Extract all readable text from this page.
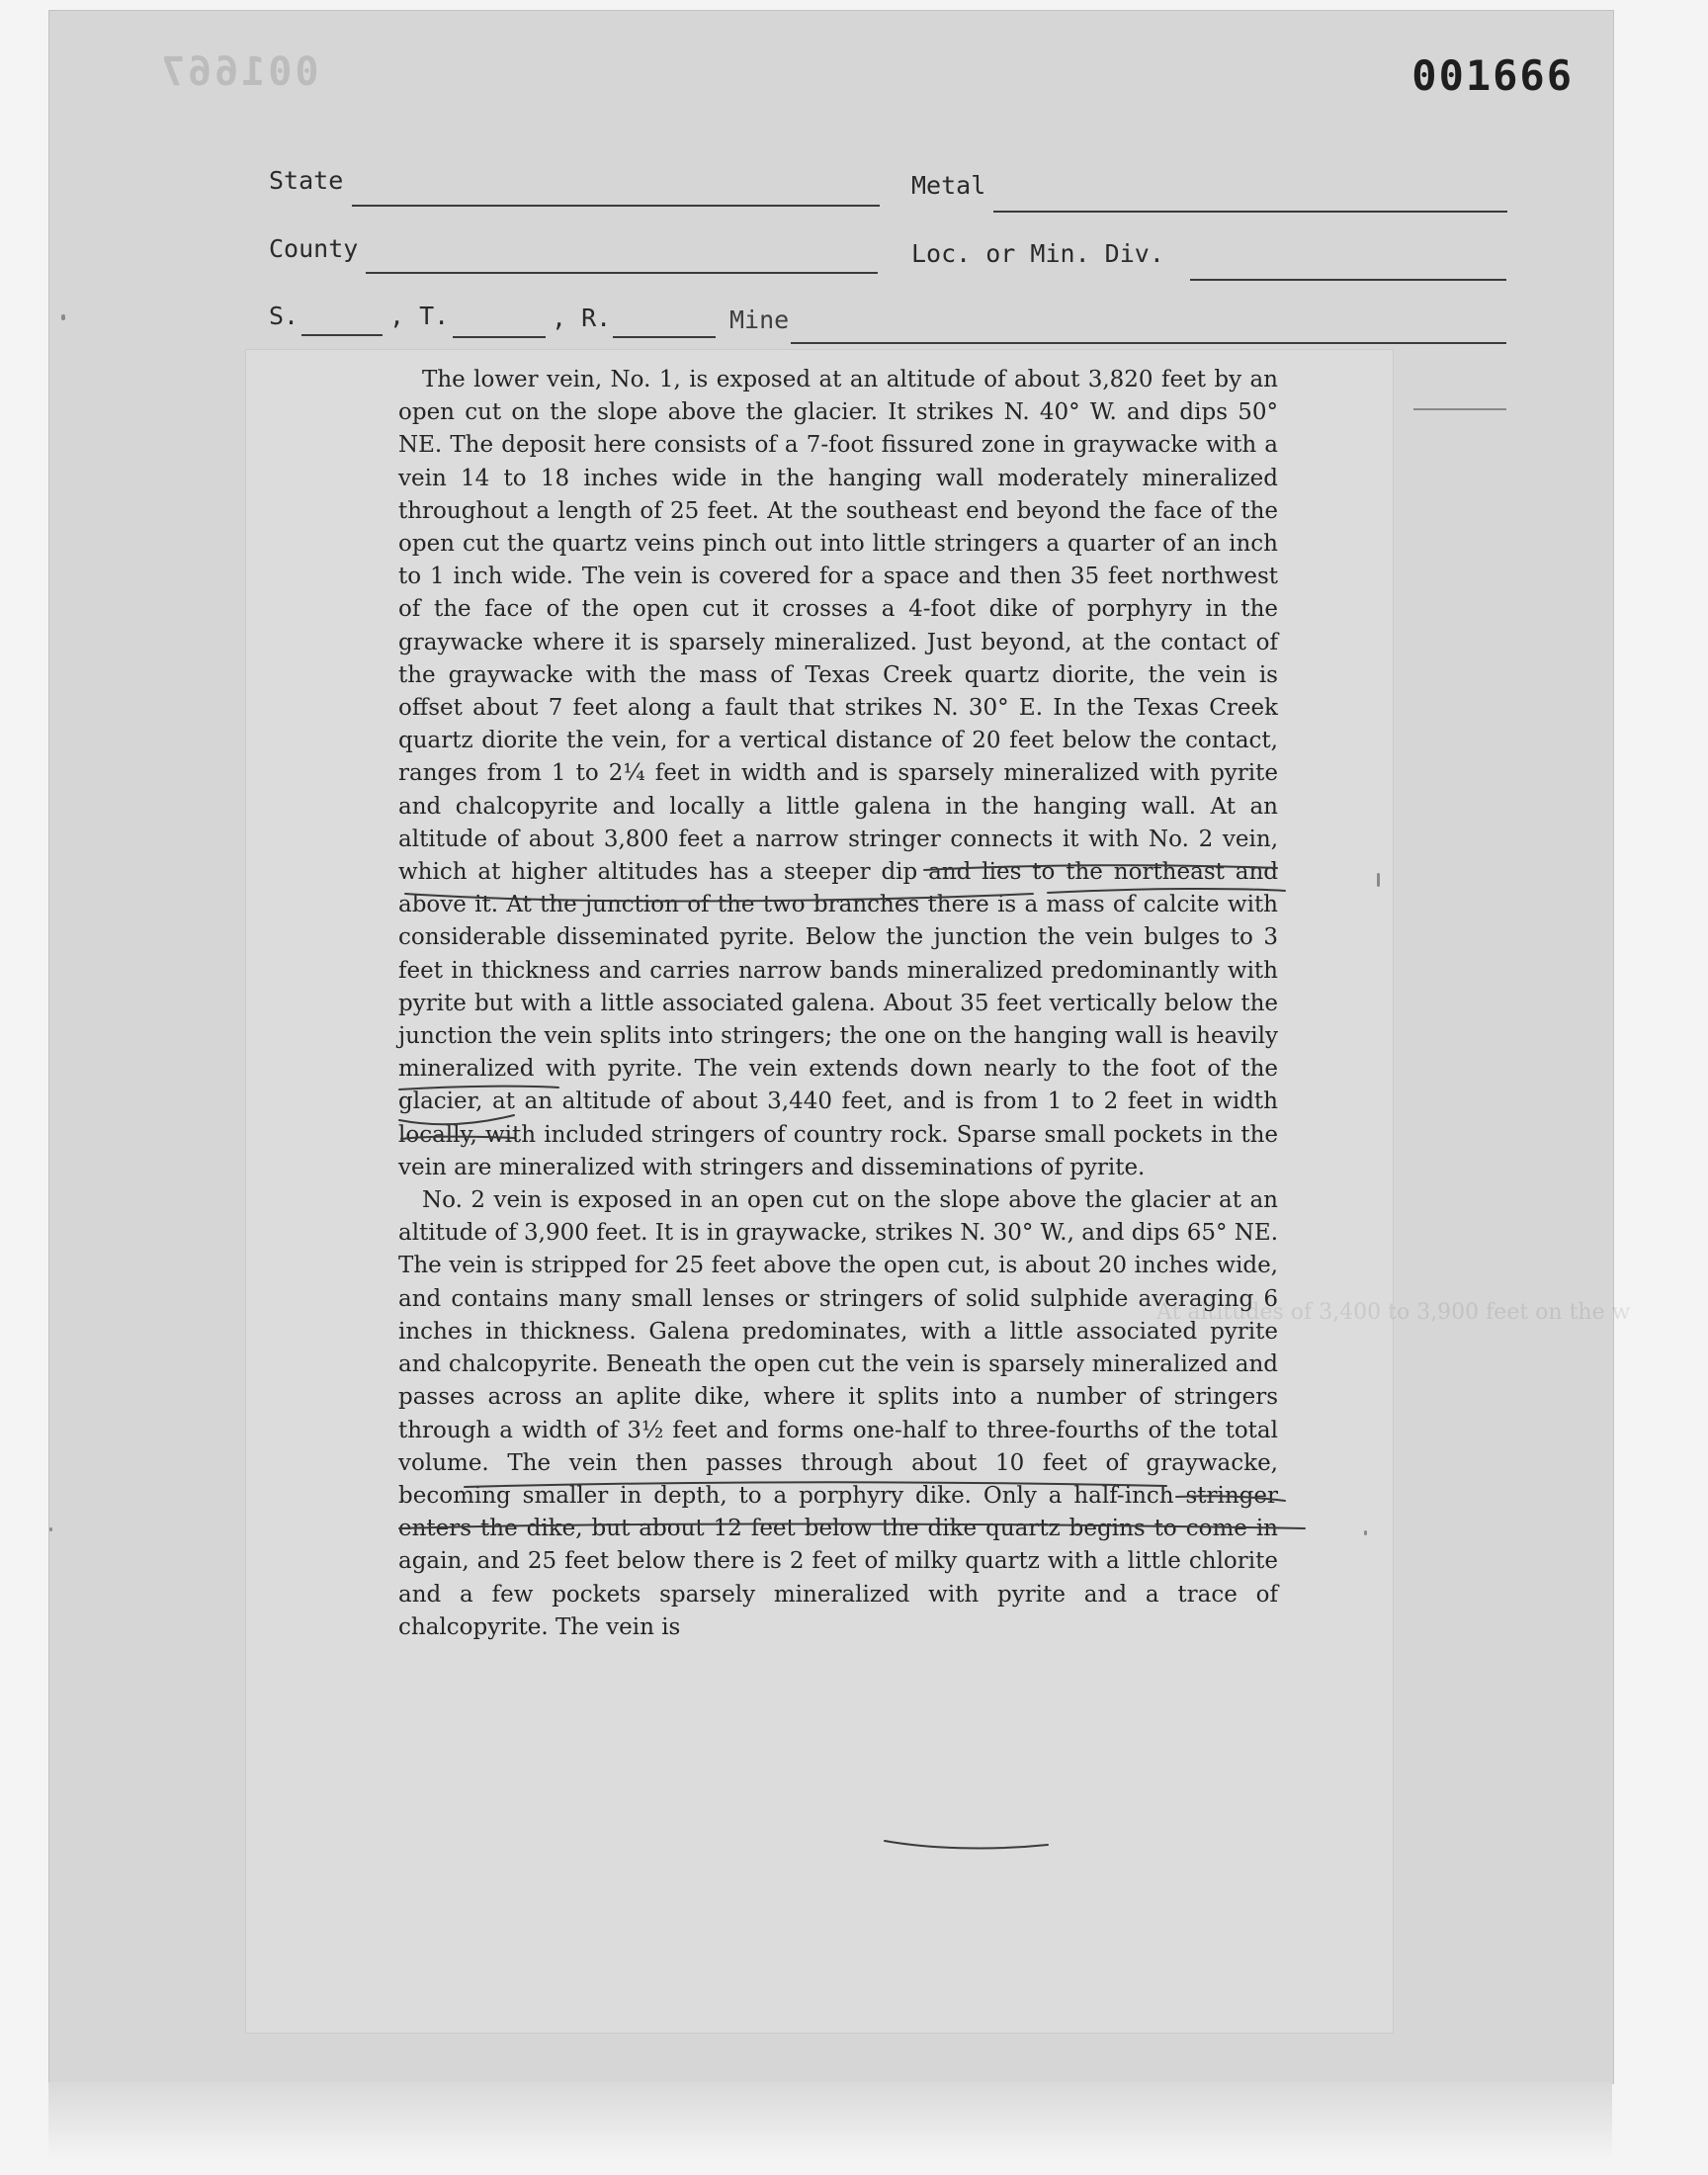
001667	001666
State	Metal
County	Loc. or Min. Div.
S.	, T.	, R.	Mine
At altitudes of 3,400 to 3,900 feet on the w

The lower vein, No. 1, is exposed at an altitude of about 3,820 feet by an open cut on the slope above the glacier. It strikes N. 40° W. and dips 50° NE. The deposit here consists of a 7-foot fissured zone in graywacke with a vein 14 to 18 inches wide in the hanging wall moderately mineralized throughout a length of 25 feet. At the southeast end beyond the face of the open cut the quartz veins pinch out into little stringers a quarter of an inch to 1 inch wide. The vein is covered for a space and then 35 feet northwest of the face of the open cut it crosses a 4-foot dike of porphyry in the graywacke where it is sparsely mineralized. Just beyond, at the contact of the graywacke with the mass of Texas Creek quartz diorite, the vein is offset about 7 feet along a fault that strikes N. 30° E. In the Texas Creek quartz diorite the vein, for a vertical distance of 20 feet below the contact, ranges from 1 to 2¼ feet in width and is sparsely mineralized with pyrite and chalcopyrite and locally a little galena in the hanging wall. At an altitude of about 3,800 feet a narrow stringer connects it with No. 2 vein, which at higher altitudes has a steeper dip and lies to the northeast and above it. At the junction of the two branches there is a mass of calcite with considerable disseminated pyrite. Below the junction the vein bulges to 3 feet in thickness and carries narrow bands mineralized predominantly with pyrite but with a little associated galena. About 35 feet vertically below the junction the vein splits into stringers; the one on the hanging wall is heavily mineralized with pyrite. The vein extends down nearly to the foot of the glacier, at an altitude of about 3,440 feet, and is from 1 to 2 feet in width locally, with included stringers of country rock. Sparse small pockets in the vein are mineralized with stringers and disseminations of pyrite.

No. 2 vein is exposed in an open cut on the slope above the glacier at an altitude of 3,900 feet. It is in graywacke, strikes N. 30° W., and dips 65° NE. The vein is stripped for 25 feet above the open cut, is about 20 inches wide, and contains many small lenses or stringers of solid sulphide averaging 6 inches in thickness. Galena predominates, with a little associated pyrite and chalcopyrite. Beneath the open cut the vein is sparsely mineralized and passes across an aplite dike, where it splits into a number of stringers through a width of 3½ feet and forms one-half to three-fourths of the total volume. The vein then passes through about 10 feet of graywacke, becoming smaller in depth, to a porphyry dike. Only a half-inch stringer enters the dike, but about 12 feet below the dike quartz begins to come in again, and 25 feet below there is 2 feet of milky quartz with a little chlorite and a few pockets sparsely mineralized with pyrite and a trace of chalcopyrite. The vein is
